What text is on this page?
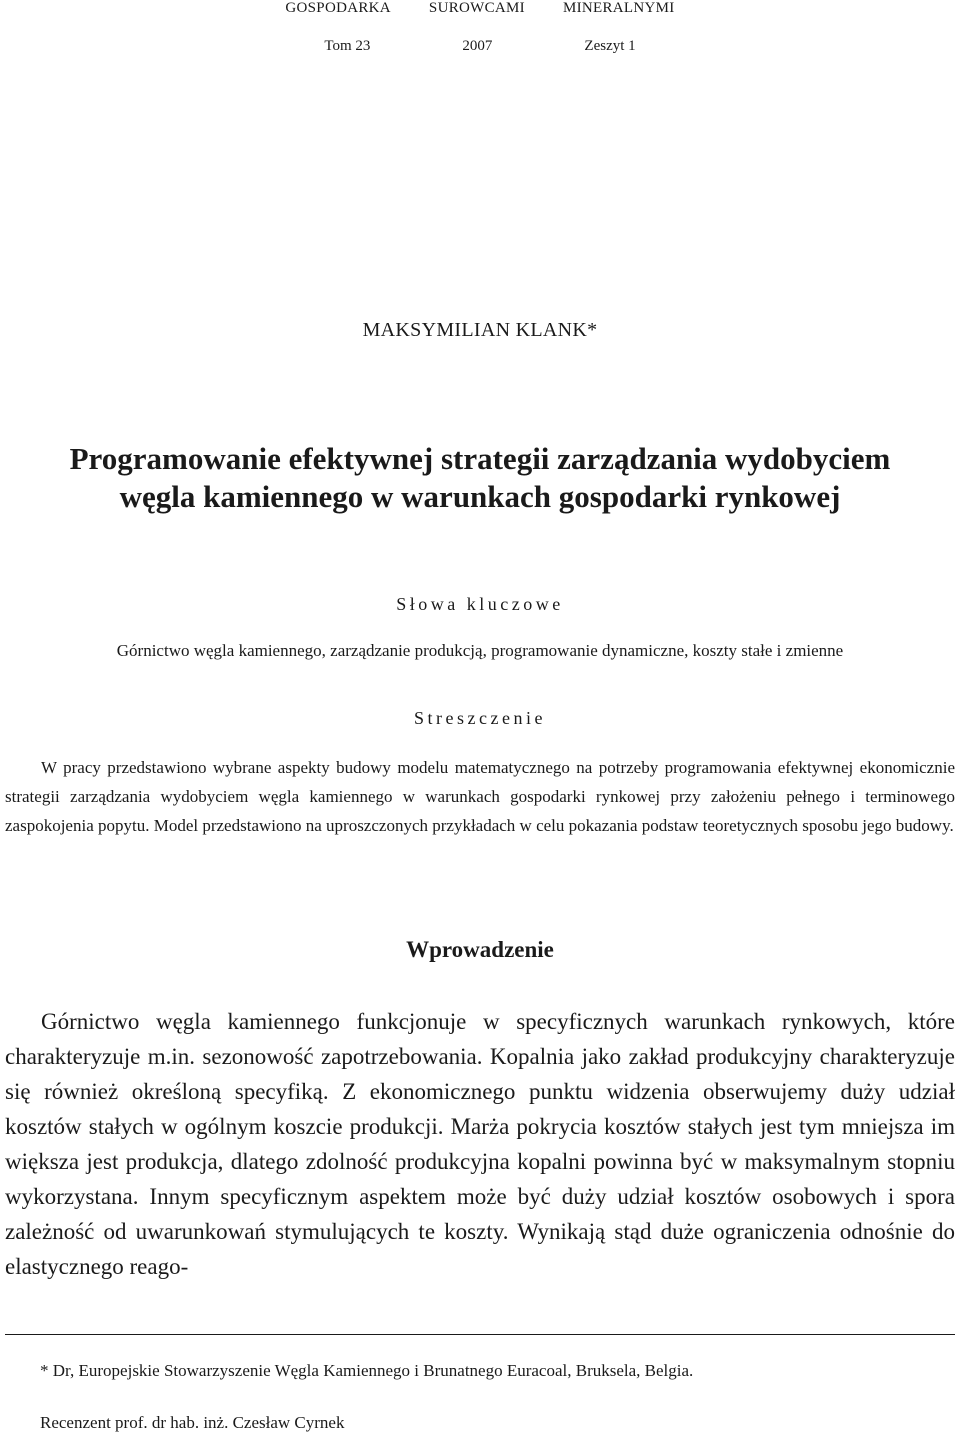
GOSPODARKA	SUROWCAMI	MINERALNYMI
Tom 23	2007	Zeszyt 1
MAKSYMILIAN KLANK*
Programowanie efektywnej strategii zarządzania wydobyciem
węgla kamiennego w warunkach gospodarki rynkowej
Słowa kluczowe
Górnictwo węgla kamiennego, zarządzanie produkcją, programowanie dynamiczne, koszty stałe i zmienne
Streszczenie

W pracy przedstawiono wybrane aspekty budowy modelu matematycznego na potrzeby programowania efektywnej ekonomicznie strategii zarządzania wydobyciem węgla kamiennego w warunkach gospodarki rynkowej przy założeniu pełnego i terminowego zaspokojenia popytu. Model przedstawiono na uproszczonych przykładach w celu pokazania podstaw teoretycznych sposobu jego budowy.

Wprowadzenie

Górnictwo węgla kamiennego funkcjonuje w specyficznych warunkach rynkowych, które charakteryzuje m.in. sezonowość zapotrzebowania. Kopalnia jako zakład produkcyjny charakteryzuje się również określoną specyfiką. Z ekonomicznego punktu widzenia obserwujemy duży udział kosztów stałych w ogólnym koszcie produkcji. Marża pokrycia kosztów stałych jest tym mniejsza im większa jest produkcja, dlatego zdolność produkcyjna kopalni powinna być w maksymalnym stopniu wykorzystana. Innym specyficznym aspektem może być duży udział kosztów osobowych i spora zależność od uwarunkowań stymulujących te koszty. Wynikają stąd duże ograniczenia odnośnie do elastycznego reago-

* Dr, Europejskie Stowarzyszenie Węgla Kamiennego i Brunatnego Euracoal, Bruksela, Belgia.
Recenzent prof. dr hab. inż. Czesław Cyrnek
